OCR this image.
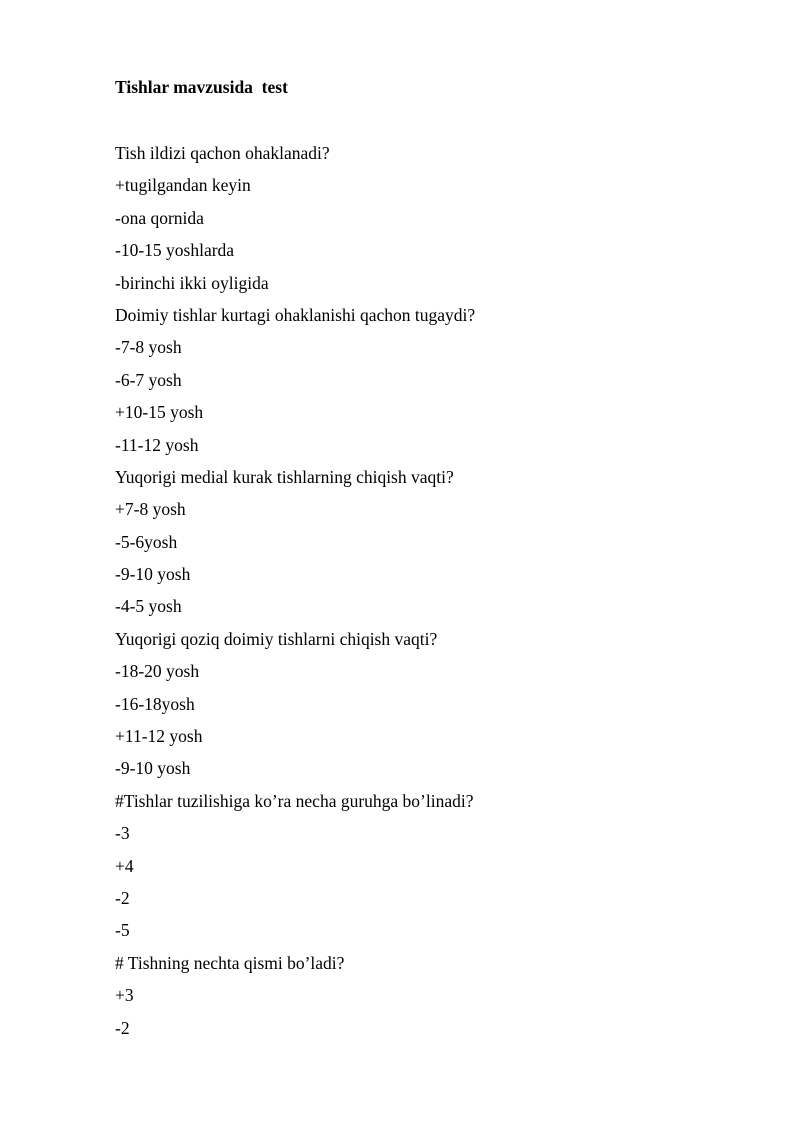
Tishlar mavzusida  test
Tish ildizi qachon ohaklanadi?
+tugilgandan keyin
-ona qornida
-10-15 yoshlarda
-birinchi ikki oyligida
Doimiy tishlar kurtagi ohaklanishi qachon tugaydi?
-7-8 yosh
-6-7 yosh
+10-15 yosh
-11-12 yosh
Yuqorigi medial kurak tishlarning chiqish vaqti?
+7-8 yosh
-5-6yosh
-9-10 yosh
-4-5 yosh
Yuqorigi qoziq doimiy tishlarni chiqish vaqti?
-18-20 yosh
-16-18yosh
+11-12 yosh
-9-10 yosh
#Tishlar tuzilishiga ko’ra necha guruhga bo’linadi?
-3
+4
-2
-5
# Tishning nechta qismi bo’ladi?
+3
-2
